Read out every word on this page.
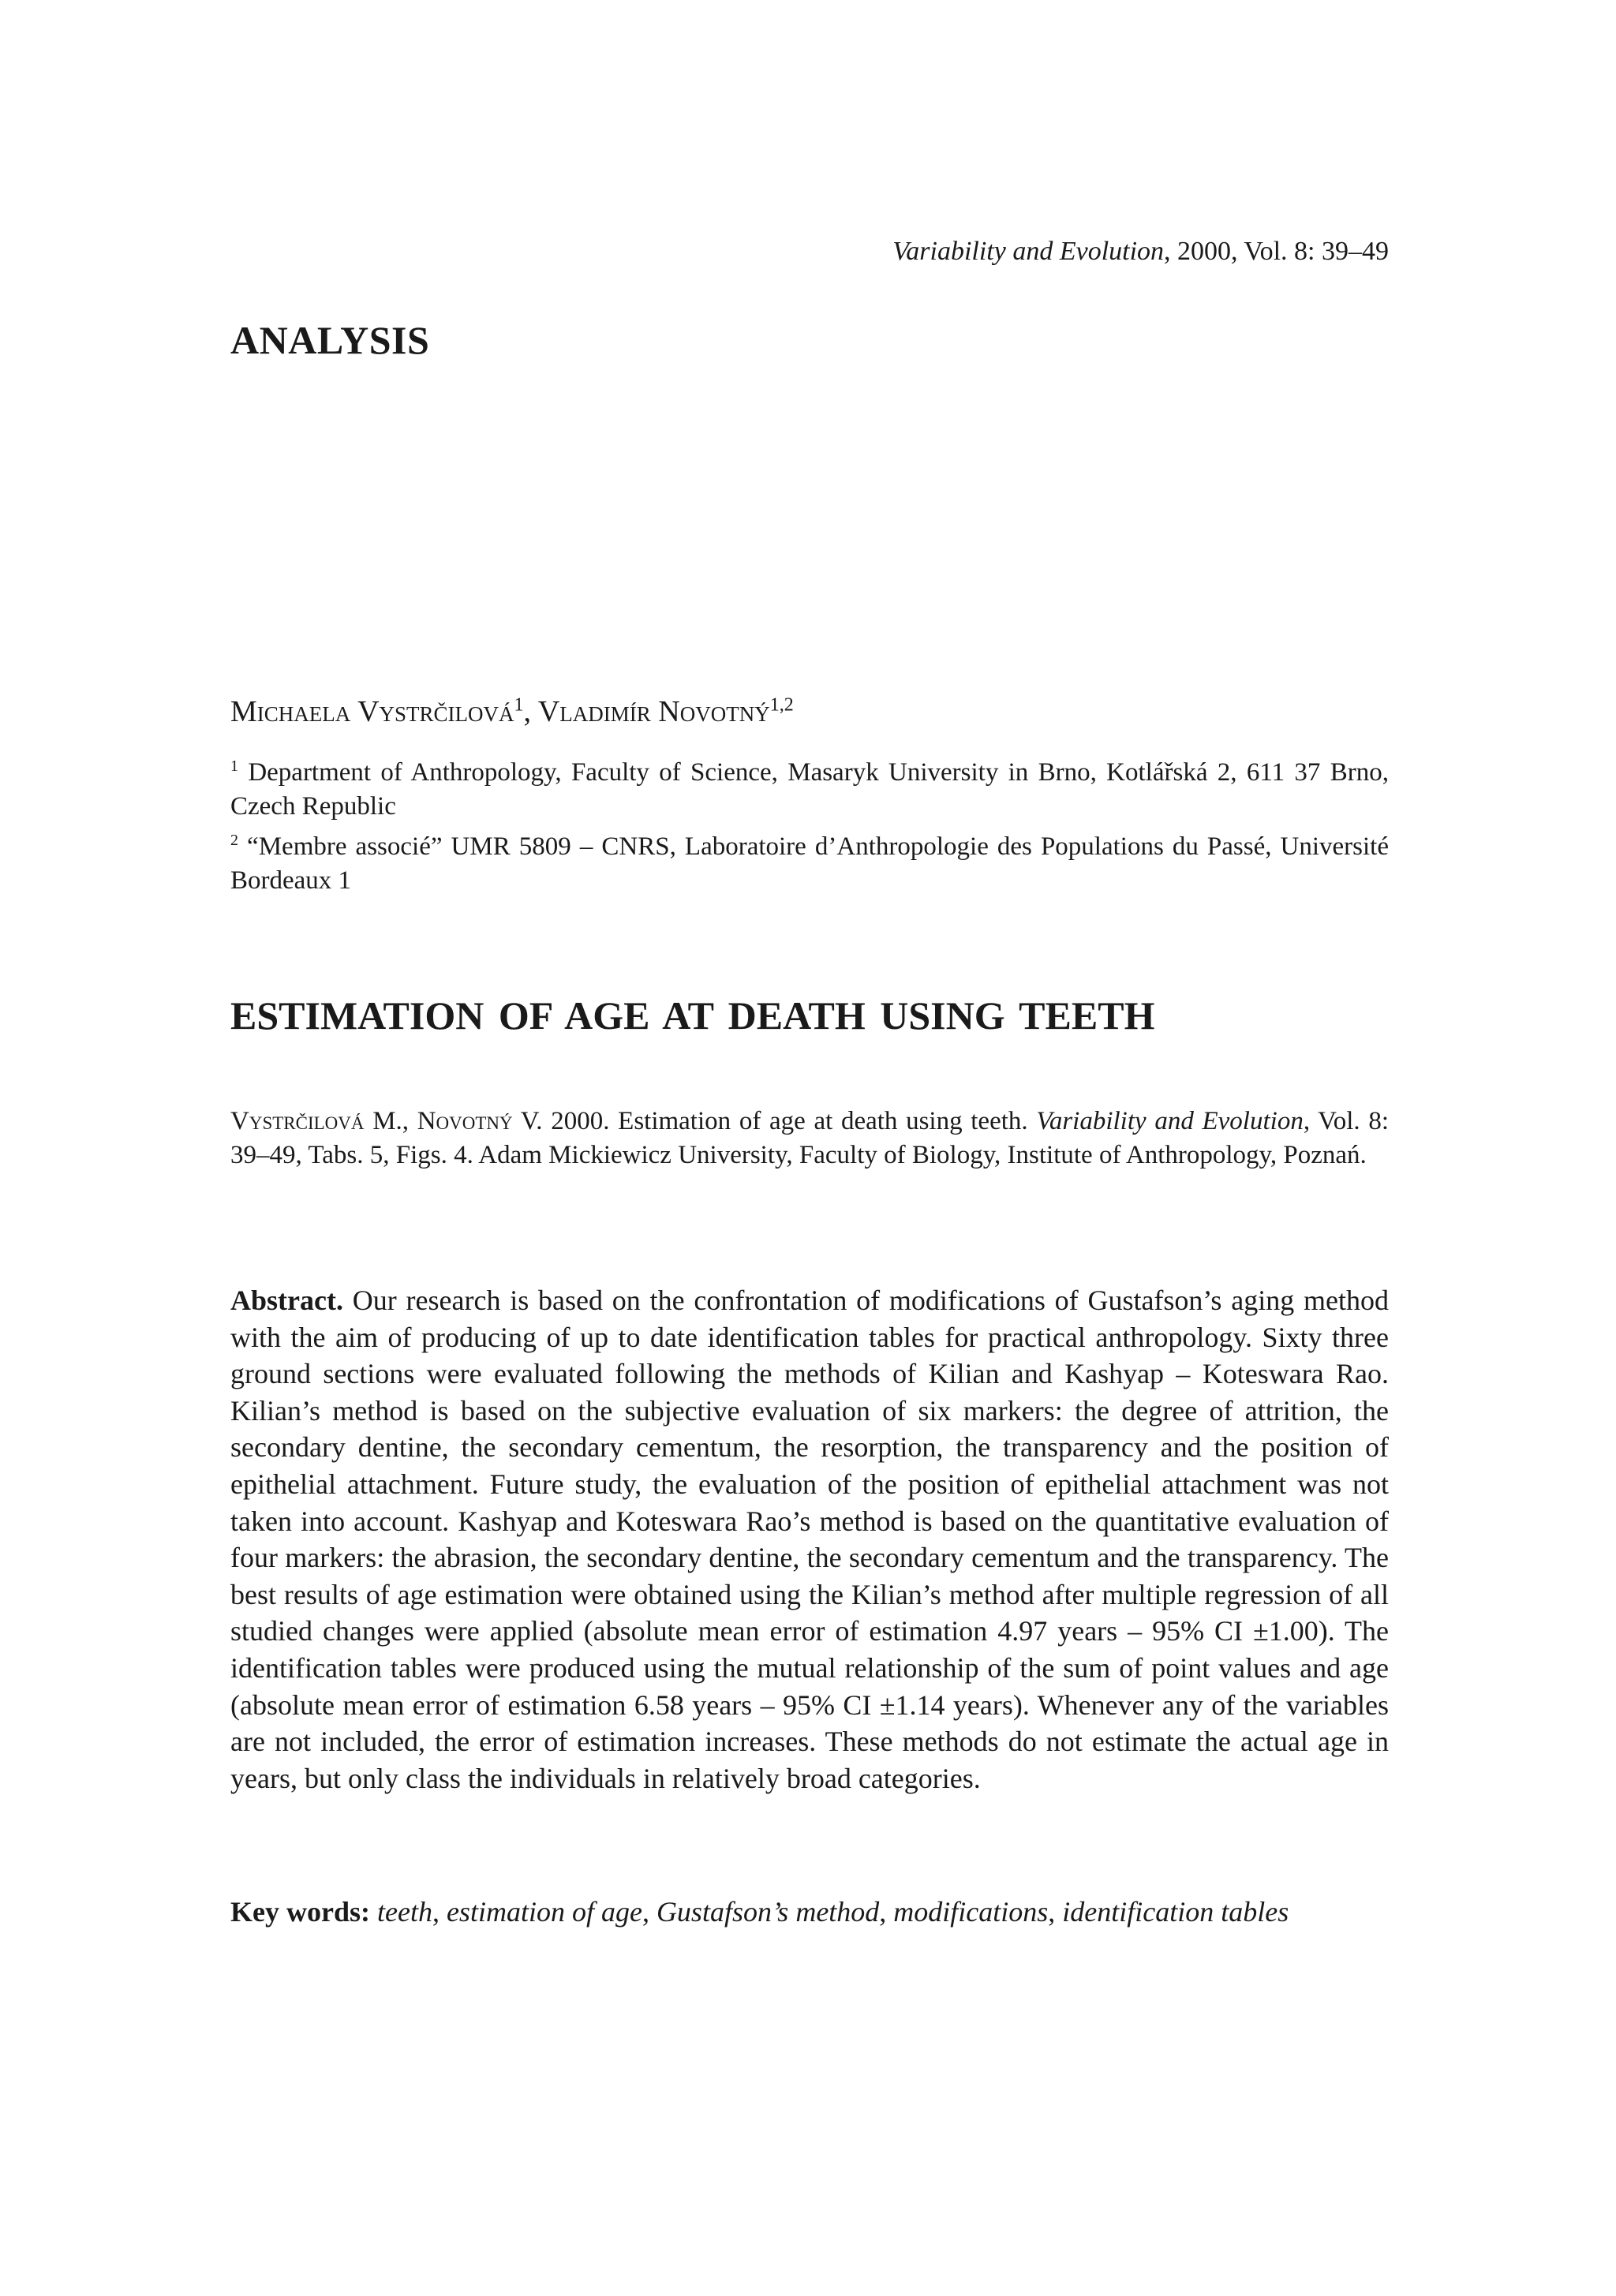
Variability and Evolution, 2000, Vol. 8: 39–49
ANALYSIS
Michaela Vystrčilová$^1$, Vladimír Novotný$^{1,2}$

$^1$ Department of Anthropology, Faculty of Science, Masaryk University in Brno, Kotlářská 2, 611 37 Brno, Czech Republic

$^2$ “Membre associé” UMR 5809 – CNRS, Laboratoire d’Anthropologie des Populations du Passé, Université Bordeaux 1

ESTIMATION OF AGE AT DEATH USING TEETH

Vystrčilová M., Novotný V. 2000. Estimation of age at death using teeth. Variability and Evolution, Vol. 8: 39–49, Tabs. 5, Figs. 4. Adam Mickiewicz University, Faculty of Biology, Institute of Anthropology, Poznań.

Abstract. Our research is based on the confrontation of modifications of Gustafson’s aging method with the aim of producing of up to date identification tables for practical anthropology. Sixty three ground sections were evaluated following the methods of Kilian and Kashyap – Koteswara Rao. Kilian’s method is based on the subjective evaluation of six markers: the degree of attrition, the secondary dentine, the secondary cementum, the resorption, the transparency and the position of epithelial attachment. Future study, the evaluation of the position of epithelial attachment was not taken into account. Kashyap and Koteswara Rao’s method is based on the quantitative evaluation of four markers: the abrasion, the secondary dentine, the secondary cementum and the transparency. The best results of age estimation were obtained using the Kilian’s method after multiple regression of all studied changes were applied (absolute mean error of estimation 4.97 years – 95% CI ±1.00). The identification tables were produced using the mutual relationship of the sum of point values and age (absolute mean error of estimation 6.58 years – 95% CI ±1.14 years). Whenever any of the variables are not included, the error of estimation increases. These methods do not estimate the actual age in years, but only class the individuals in relatively broad categories.

Key words: teeth, estimation of age, Gustafson’s method, modifications, identification tables
